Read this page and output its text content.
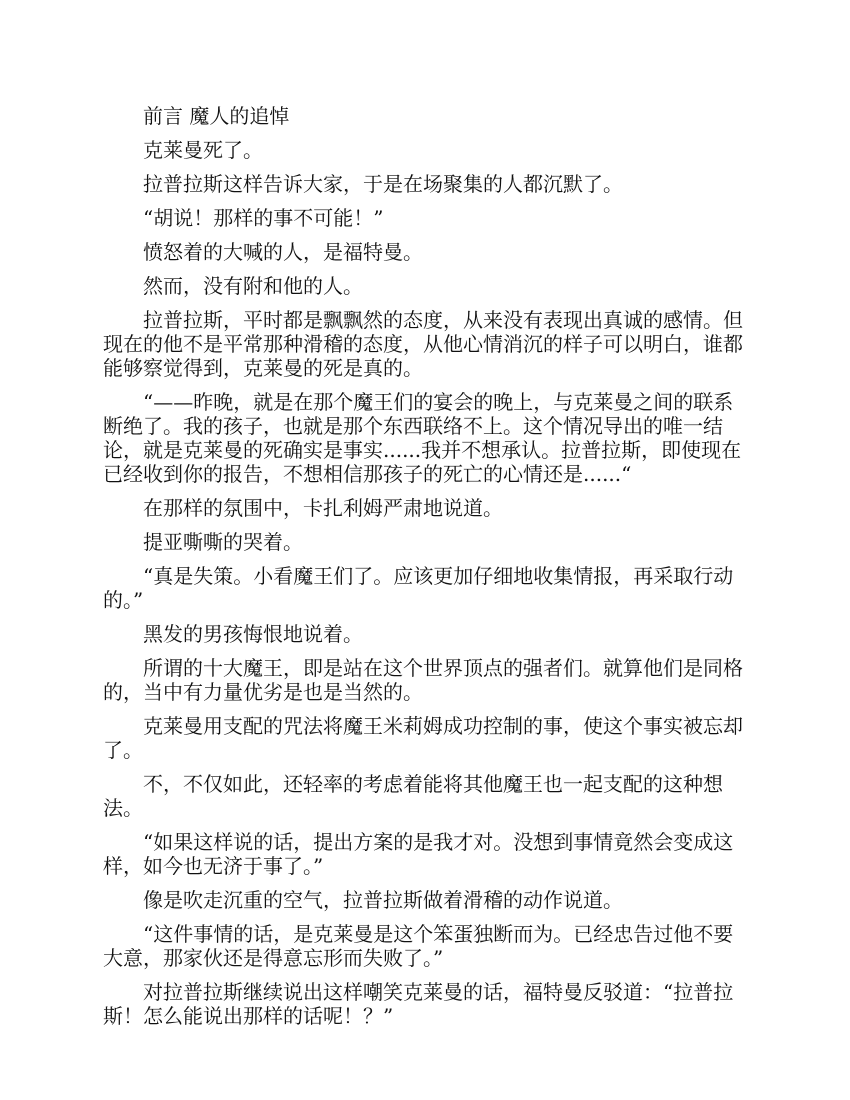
前言 魔人的追悼

克莱曼死了。

拉普拉斯这样告诉大家，于是在场聚集的人都沉默了。

“胡说！那样的事不可能！”

愤怒着的大喊的人，是福特曼。

然而，没有附和他的人。

拉普拉斯，平时都是飘飘然的态度，从来没有表现出真诚的感情。但现在的他不是平常那种滑稽的态度，从他心情消沉的样子可以明白，谁都能够察觉得到，克莱曼的死是真的。

“——昨晚，就是在那个魔王们的宴会的晚上，与克莱曼之间的联系断绝了。我的孩子，也就是那个东西联络不上。这个情况导出的唯一结论，就是克莱曼的死确实是事实......我并不想承认。拉普拉斯，即使现在已经收到你的报告，不想相信那孩子的死亡的心情还是......“

在那样的氛围中，卡扎利姆严肃地说道。

提亚嘶嘶的哭着。

“真是失策。小看魔王们了。应该更加仔细地收集情报，再采取行动的。”

黑发的男孩悔恨地说着。

所谓的十大魔王，即是站在这个世界顶点的强者们。就算他们是同格的，当中有力量优劣是也是当然的。

克莱曼用支配的咒法将魔王米莉姆成功控制的事，使这个事实被忘却了。

不，不仅如此，还轻率的考虑着能将其他魔王也一起支配的这种想法。

“如果这样说的话，提出方案的是我才对。没想到事情竟然会变成这样，如今也无济于事了。”

像是吹走沉重的空气，拉普拉斯做着滑稽的动作说道。

“这件事情的话，是克莱曼是这个笨蛋独断而为。已经忠告过他不要大意，那家伙还是得意忘形而失败了。”

对拉普拉斯继续说出这样嘲笑克莱曼的话，福特曼反驳道：“拉普拉斯！怎么能说出那样的话呢！？”
